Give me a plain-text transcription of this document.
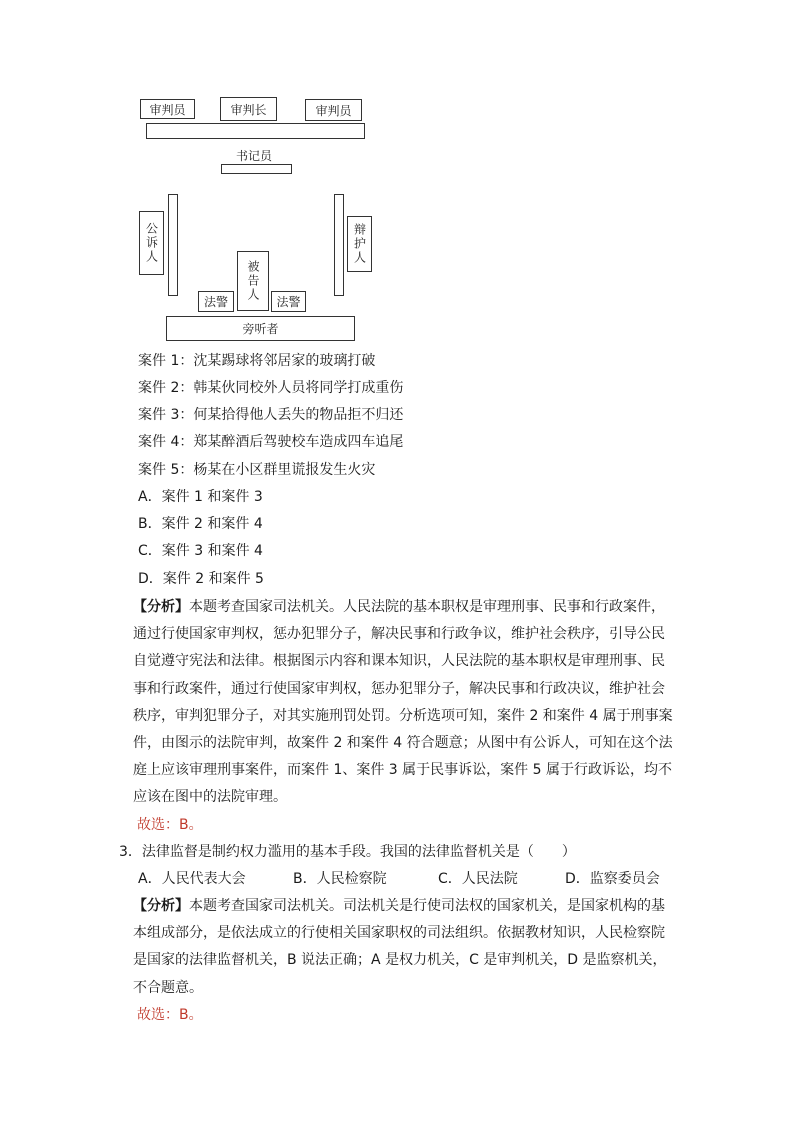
审判员	审判长	审判员
书记员
公诉人	辩护人
被告人
法警	法警
旁听者
案件 1：沈某踢球将邻居家的玻璃打破
案件 2：韩某伙同校外人员将同学打成重伤
案件 3：何某拾得他人丢失的物品拒不归还
案件 4：郑某醉酒后驾驶校车造成四车追尾
案件 5：杨某在小区群里谎报发生火灾
A．案件 1 和案件 3
B．案件 2 和案件 4
C．案件 3 和案件 4
D．案件 2 和案件 5
【分析】本题考查国家司法机关。人民法院的基本职权是审理刑事、民事和行政案件，通过行使国家审判权，惩办犯罪分子，解决民事和行政争议，维护社会秩序，引导公民自觉遵守宪法和法律。根据图示内容和课本知识，人民法院的基本职权是审理刑事、民事和行政案件，通过行使国家审判权，惩办犯罪分子，解决民事和行政决议，维护社会秩序，审判犯罪分子，对其实施刑罚处罚。分析选项可知，案件 2 和案件 4 属于刑事案件，由图示的法院审判，故案件 2 和案件 4 符合题意；从图中有公诉人，可知在这个法庭上应该审理刑事案件，而案件 1、案件 3 属于民事诉讼，案件 5 属于行政诉讼，均不应该在图中的法院审理。
故选：B。
3．法律监督是制约权力滥用的基本手段。我国的法律监督机关是（　　）
A．人民代表大会	B．人民检察院	C．人民法院	D．监察委员会
【分析】本题考查国家司法机关。司法机关是行使司法权的国家机关，是国家机构的基本组成部分，是依法成立的行使相关国家职权的司法组织。依据教材知识，人民检察院是国家的法律监督机关，B 说法正确；A 是权力机关，C 是审判机关，D 是监察机关，不合题意。
故选：B。
